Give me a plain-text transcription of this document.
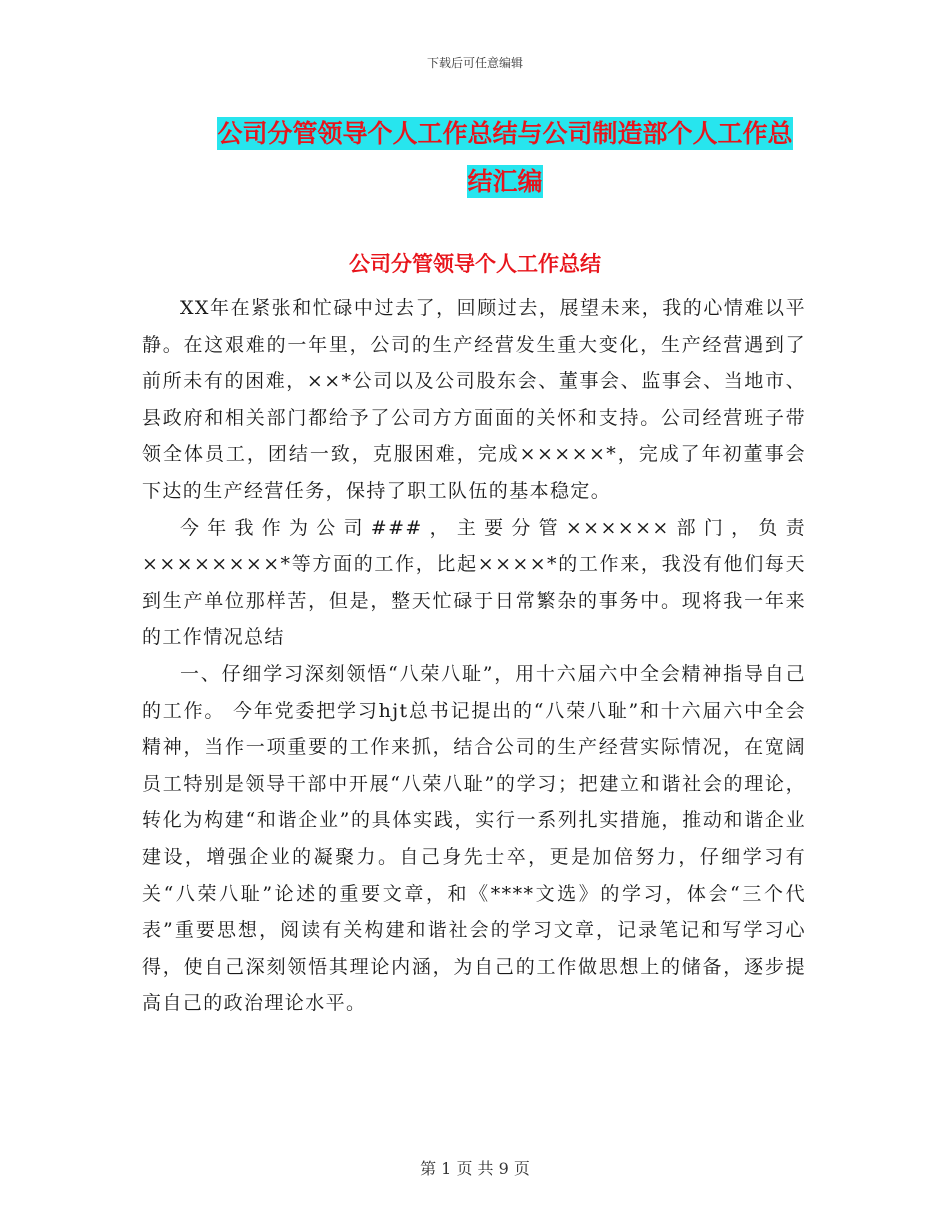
下载后可任意编辑
公司分管领导个人工作总结与公司制造部个人工作总
结汇编
公司分管领导个人工作总结

XX年在紧张和忙碌中过去了，回顾过去，展望未来，我的心情难以平静。在这艰难的一年里，公司的生产经营发生重大变化，生产经营遇到了前所未有的困难，××*公司以及公司股东会、董事会、监事会、当地市、县政府和相关部门都给予了公司方方面面的关怀和支持。公司经营班子带领全体员工，团结一致，克服困难，完成×××××*，完成了年初董事会下达的生产经营任务，保持了职工队伍的基本稳定。

今年我作为公司###，主要分管××××××部门，负责××××××××*等方面的工作，比起××××*的工作来，我没有他们每天到生产单位那样苦，但是，整天忙碌于日常繁杂的事务中。现将我一年来的工作情况总结

一、仔细学习深刻领悟“八荣八耻”，用十六届六中全会精神指导自己的工作。 今年党委把学习hjt总书记提出的“八荣八耻”和十六届六中全会精神，当作一项重要的工作来抓，结合公司的生产经营实际情况，在宽阔员工特别是领导干部中开展“八荣八耻”的学习；把建立和谐社会的理论，转化为构建“和谐企业”的具体实践，实行一系列扎实措施，推动和谐企业建设，增强企业的凝聚力。自己身先士卒，更是加倍努力，仔细学习有关“八荣八耻”论述的重要文章，和《****文选》的学习，体会“三个代表”重要思想，阅读有关构建和谐社会的学习文章，记录笔记和写学习心得，使自己深刻领悟其理论内涵，为自己的工作做思想上的储备，逐步提高自己的政治理论水平。

第 1 页 共 9 页
